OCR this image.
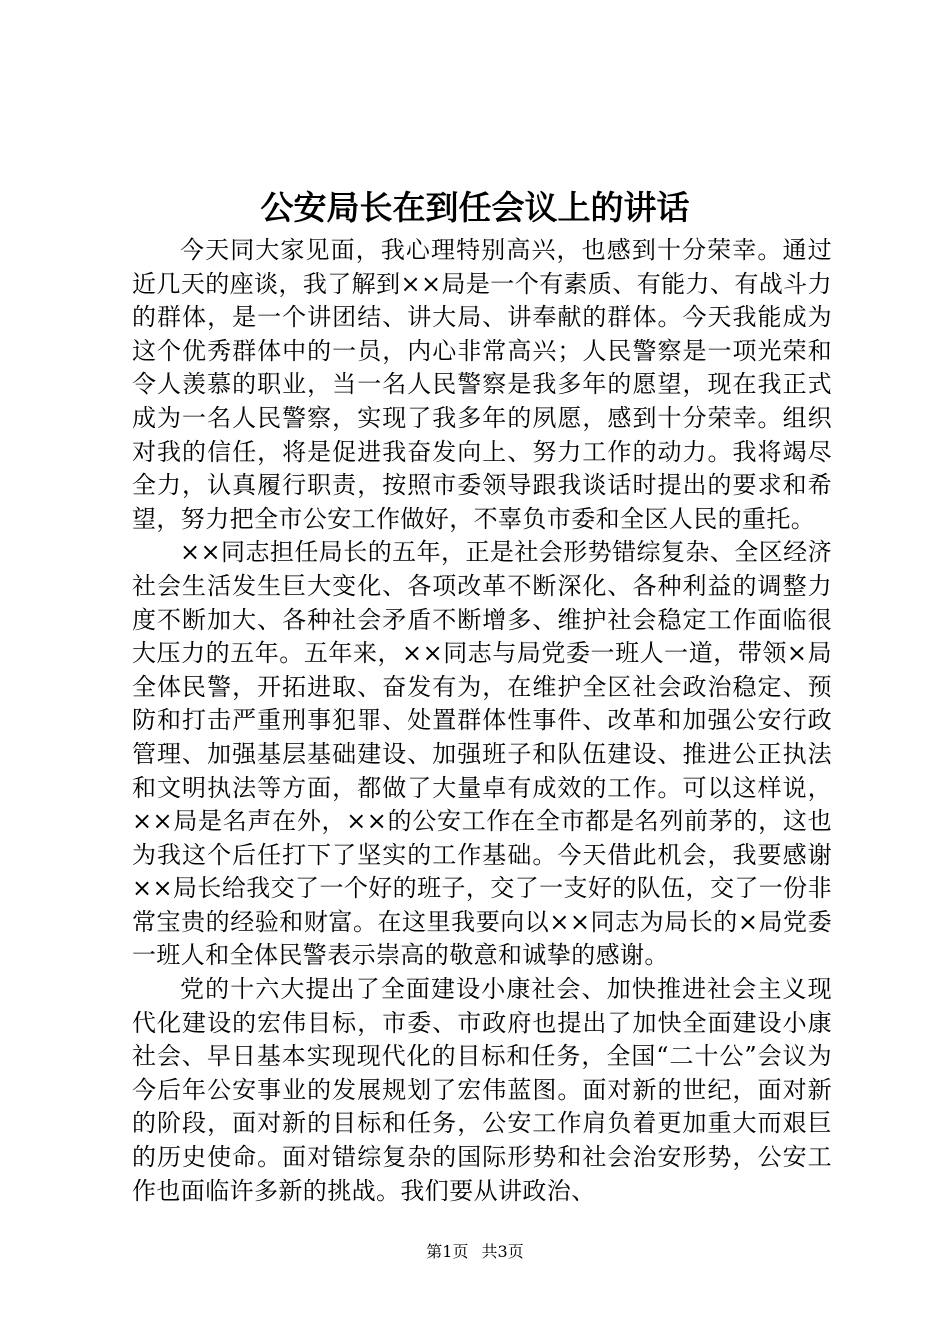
公安局长在到任会议上的讲话

今天同大家见面，我心理特别高兴，也感到十分荣幸。通过近几天的座谈，我了解到××局是一个有素质、有能力、有战斗力的群体，是一个讲团结、讲大局、讲奉献的群体。今天我能成为这个优秀群体中的一员，内心非常高兴；人民警察是一项光荣和令人羡慕的职业，当一名人民警察是我多年的愿望，现在我正式成为一名人民警察，实现了我多年的夙愿，感到十分荣幸。组织对我的信任，将是促进我奋发向上、努力工作的动力。我将竭尽全力，认真履行职责，按照市委领导跟我谈话时提出的要求和希望，努力把全市公安工作做好，不辜负市委和全区人民的重托。

××同志担任局长的五年，正是社会形势错综复杂、全区经济社会生活发生巨大变化、各项改革不断深化、各种利益的调整力度不断加大、各种社会矛盾不断增多、维护社会稳定工作面临很大压力的五年。五年来，××同志与局党委一班人一道，带领×局全体民警，开拓进取、奋发有为，在维护全区社会政治稳定、预防和打击严重刑事犯罪、处置群体性事件、改革和加强公安行政管理、加强基层基础建设、加强班子和队伍建设、推进公正执法和文明执法等方面，都做了大量卓有成效的工作。可以这样说，××局是名声在外，××的公安工作在全市都是名列前茅的，这也为我这个后任打下了坚实的工作基础。今天借此机会，我要感谢××局长给我交了一个好的班子，交了一支好的队伍，交了一份非常宝贵的经验和财富。在这里我要向以××同志为局长的×局党委一班人和全体民警表示崇高的敬意和诚挚的感谢。

党的十六大提出了全面建设小康社会、加快推进社会主义现代化建设的宏伟目标，市委、市政府也提出了加快全面建设小康社会、早日基本实现现代化的目标和任务，全国“二十公”会议为今后年公安事业的发展规划了宏伟蓝图。面对新的世纪，面对新的阶段，面对新的目标和任务，公安工作肩负着更加重大而艰巨的历史使命。面对错综复杂的国际形势和社会治安形势，公安工作也面临许多新的挑战。我们要从讲政治、

第1页 共3页
